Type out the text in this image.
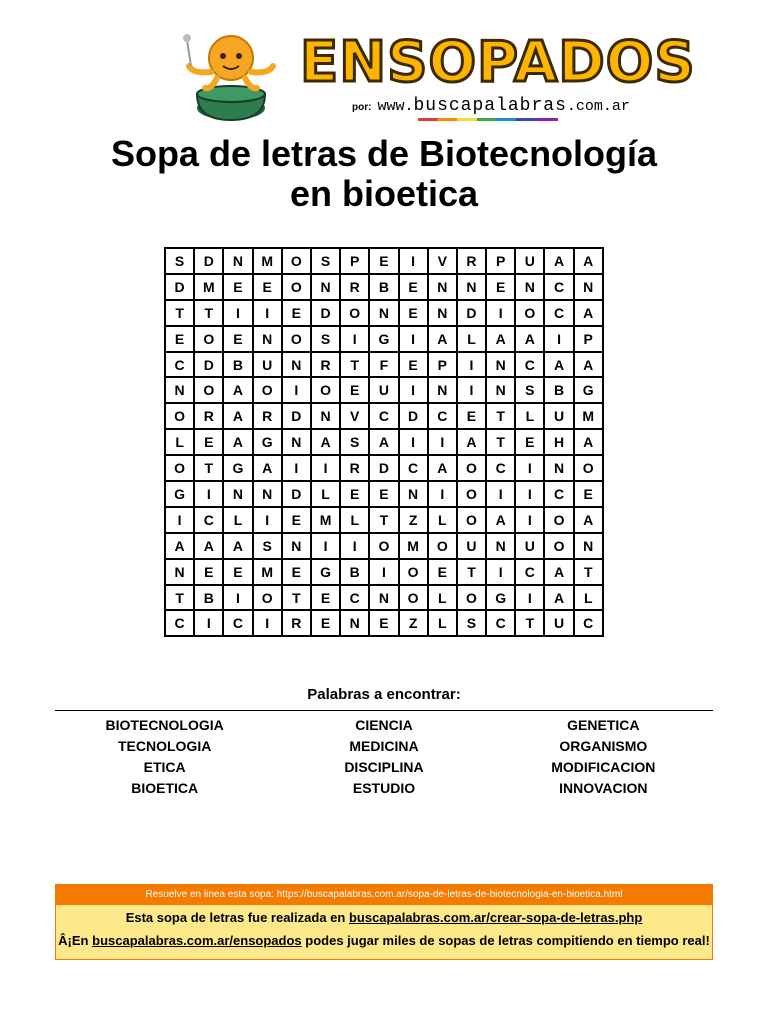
ENSOPADOS
por: www.buscapalabras.com.ar
Sopa de letras de Biotecnología
en bioetica
S	D	N	M	O	S	P	E	I	V	R	P	U	A	A
D	M	E	E	O	N	R	B	E	N	N	E	N	C	N
T	T	I	I	E	D	O	N	E	N	D	I	O	C	A
E	O	E	N	O	S	I	G	I	A	L	A	A	I	P
C	D	B	U	N	R	T	F	E	P	I	N	C	A	A
N	O	A	O	I	O	E	U	I	N	I	N	S	B	G
O	R	A	R	D	N	V	C	D	C	E	T	L	U	M
L	E	A	G	N	A	S	A	I	I	A	T	E	H	A
O	T	G	A	I	I	R	D	C	A	O	C	I	N	O
G	I	N	N	D	L	E	E	N	I	O	I	I	C	E
I	C	L	I	E	M	L	T	Z	L	O	A	I	O	A
A	A	A	S	N	I	I	O	M	O	U	N	U	O	N
N	E	E	M	E	G	B	I	O	E	T	I	C	A	T
T	B	I	O	T	E	C	N	O	L	O	G	I	A	L
C	I	C	I	R	E	N	E	Z	L	S	C	T	U	C
Palabras a encontrar:
BIOTECNOLOGIA	CIENCIA	GENETICA
TECNOLOGIA	MEDICINA	ORGANISMO
ETICA	DISCIPLINA	MODIFICACION
BIOETICA	ESTUDIO	INNOVACION
Resuelve en linea esta sopa: https://buscapalabras.com.ar/sopa-de-letras-de-biotecnologia-en-bioetica.html
Esta sopa de letras fue realizada en buscapalabras.com.ar/crear-sopa-de-letras.php
Â¡En buscapalabras.com.ar/ensopados podes jugar miles de sopas de letras compitiendo en tiempo real!
